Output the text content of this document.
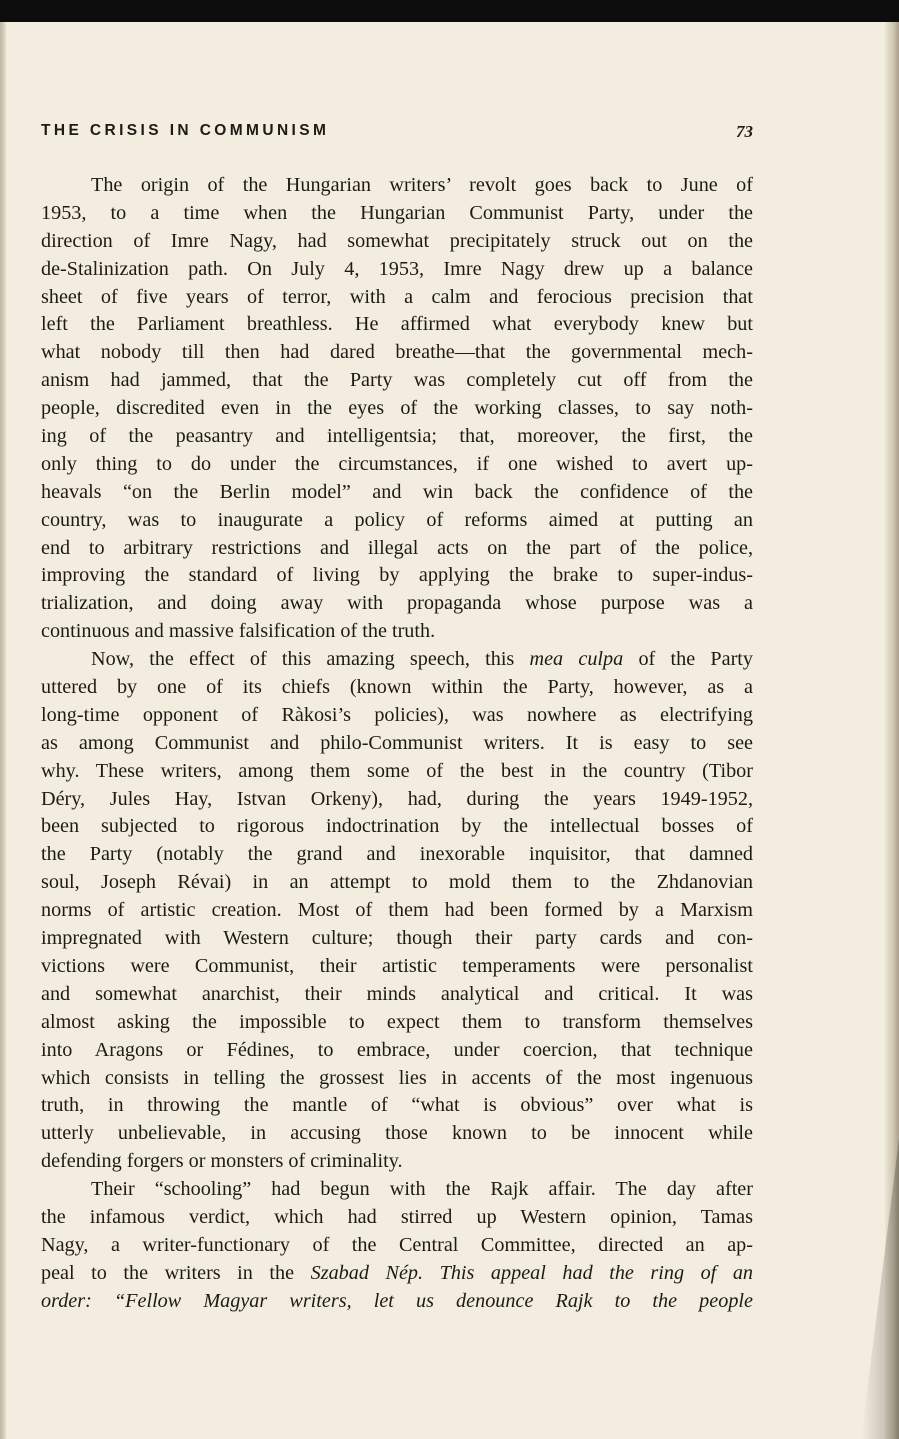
THE CRISIS IN COMMUNISM	73
The origin of the Hungarian writers’ revolt goes back to June of
1953, to a time when the Hungarian Communist Party, under the
direction of Imre Nagy, had somewhat precipitately struck out on the
de-Stalinization path. On July 4, 1953, Imre Nagy drew up a balance
sheet of five years of terror, with a calm and ferocious precision that
left the Parliament breathless. He affirmed what everybody knew but
what nobody till then had dared breathe—that the governmental mech-
anism had jammed, that the Party was completely cut off from the
people, discredited even in the eyes of the working classes, to say noth-
ing of the peasantry and intelligentsia; that, moreover, the first, the
only thing to do under the circumstances, if one wished to avert up-
heavals “on the Berlin model” and win back the confidence of the
country, was to inaugurate a policy of reforms aimed at putting an
end to arbitrary restrictions and illegal acts on the part of the police,
improving the standard of living by applying the brake to super-indus-
trialization, and doing away with propaganda whose purpose was a
continuous and massive falsification of the truth.
Now, the effect of this amazing speech, this mea culpa of the Party
uttered by one of its chiefs (known within the Party, however, as a
long-time opponent of Ràkosi’s policies), was nowhere as electrifying
as among Communist and philo-Communist writers. It is easy to see
why. These writers, among them some of the best in the country (Tibor
Déry, Jules Hay, Istvan Orkeny), had, during the years 1949-1952,
been subjected to rigorous indoctrination by the intellectual bosses of
the Party (notably the grand and inexorable inquisitor, that damned
soul, Joseph Révai) in an attempt to mold them to the Zhdanovian
norms of artistic creation. Most of them had been formed by a Marxism
impregnated with Western culture; though their party cards and con-
victions were Communist, their artistic temperaments were personalist
and somewhat anarchist, their minds analytical and critical. It was
almost asking the impossible to expect them to transform themselves
into Aragons or Fédines, to embrace, under coercion, that technique
which consists in telling the grossest lies in accents of the most ingenuous
truth, in throwing the mantle of “what is obvious” over what is
utterly unbelievable, in accusing those known to be innocent while
defending forgers or monsters of criminality.
Their “schooling” had begun with the Rajk affair. The day after
the infamous verdict, which had stirred up Western opinion, Tamas
Nagy, a writer-functionary of the Central Committee, directed an ap-
peal to the writers in the Szabad Nép. This appeal had the ring of an
order: “Fellow Magyar writers, let us denounce Rajk to the people
